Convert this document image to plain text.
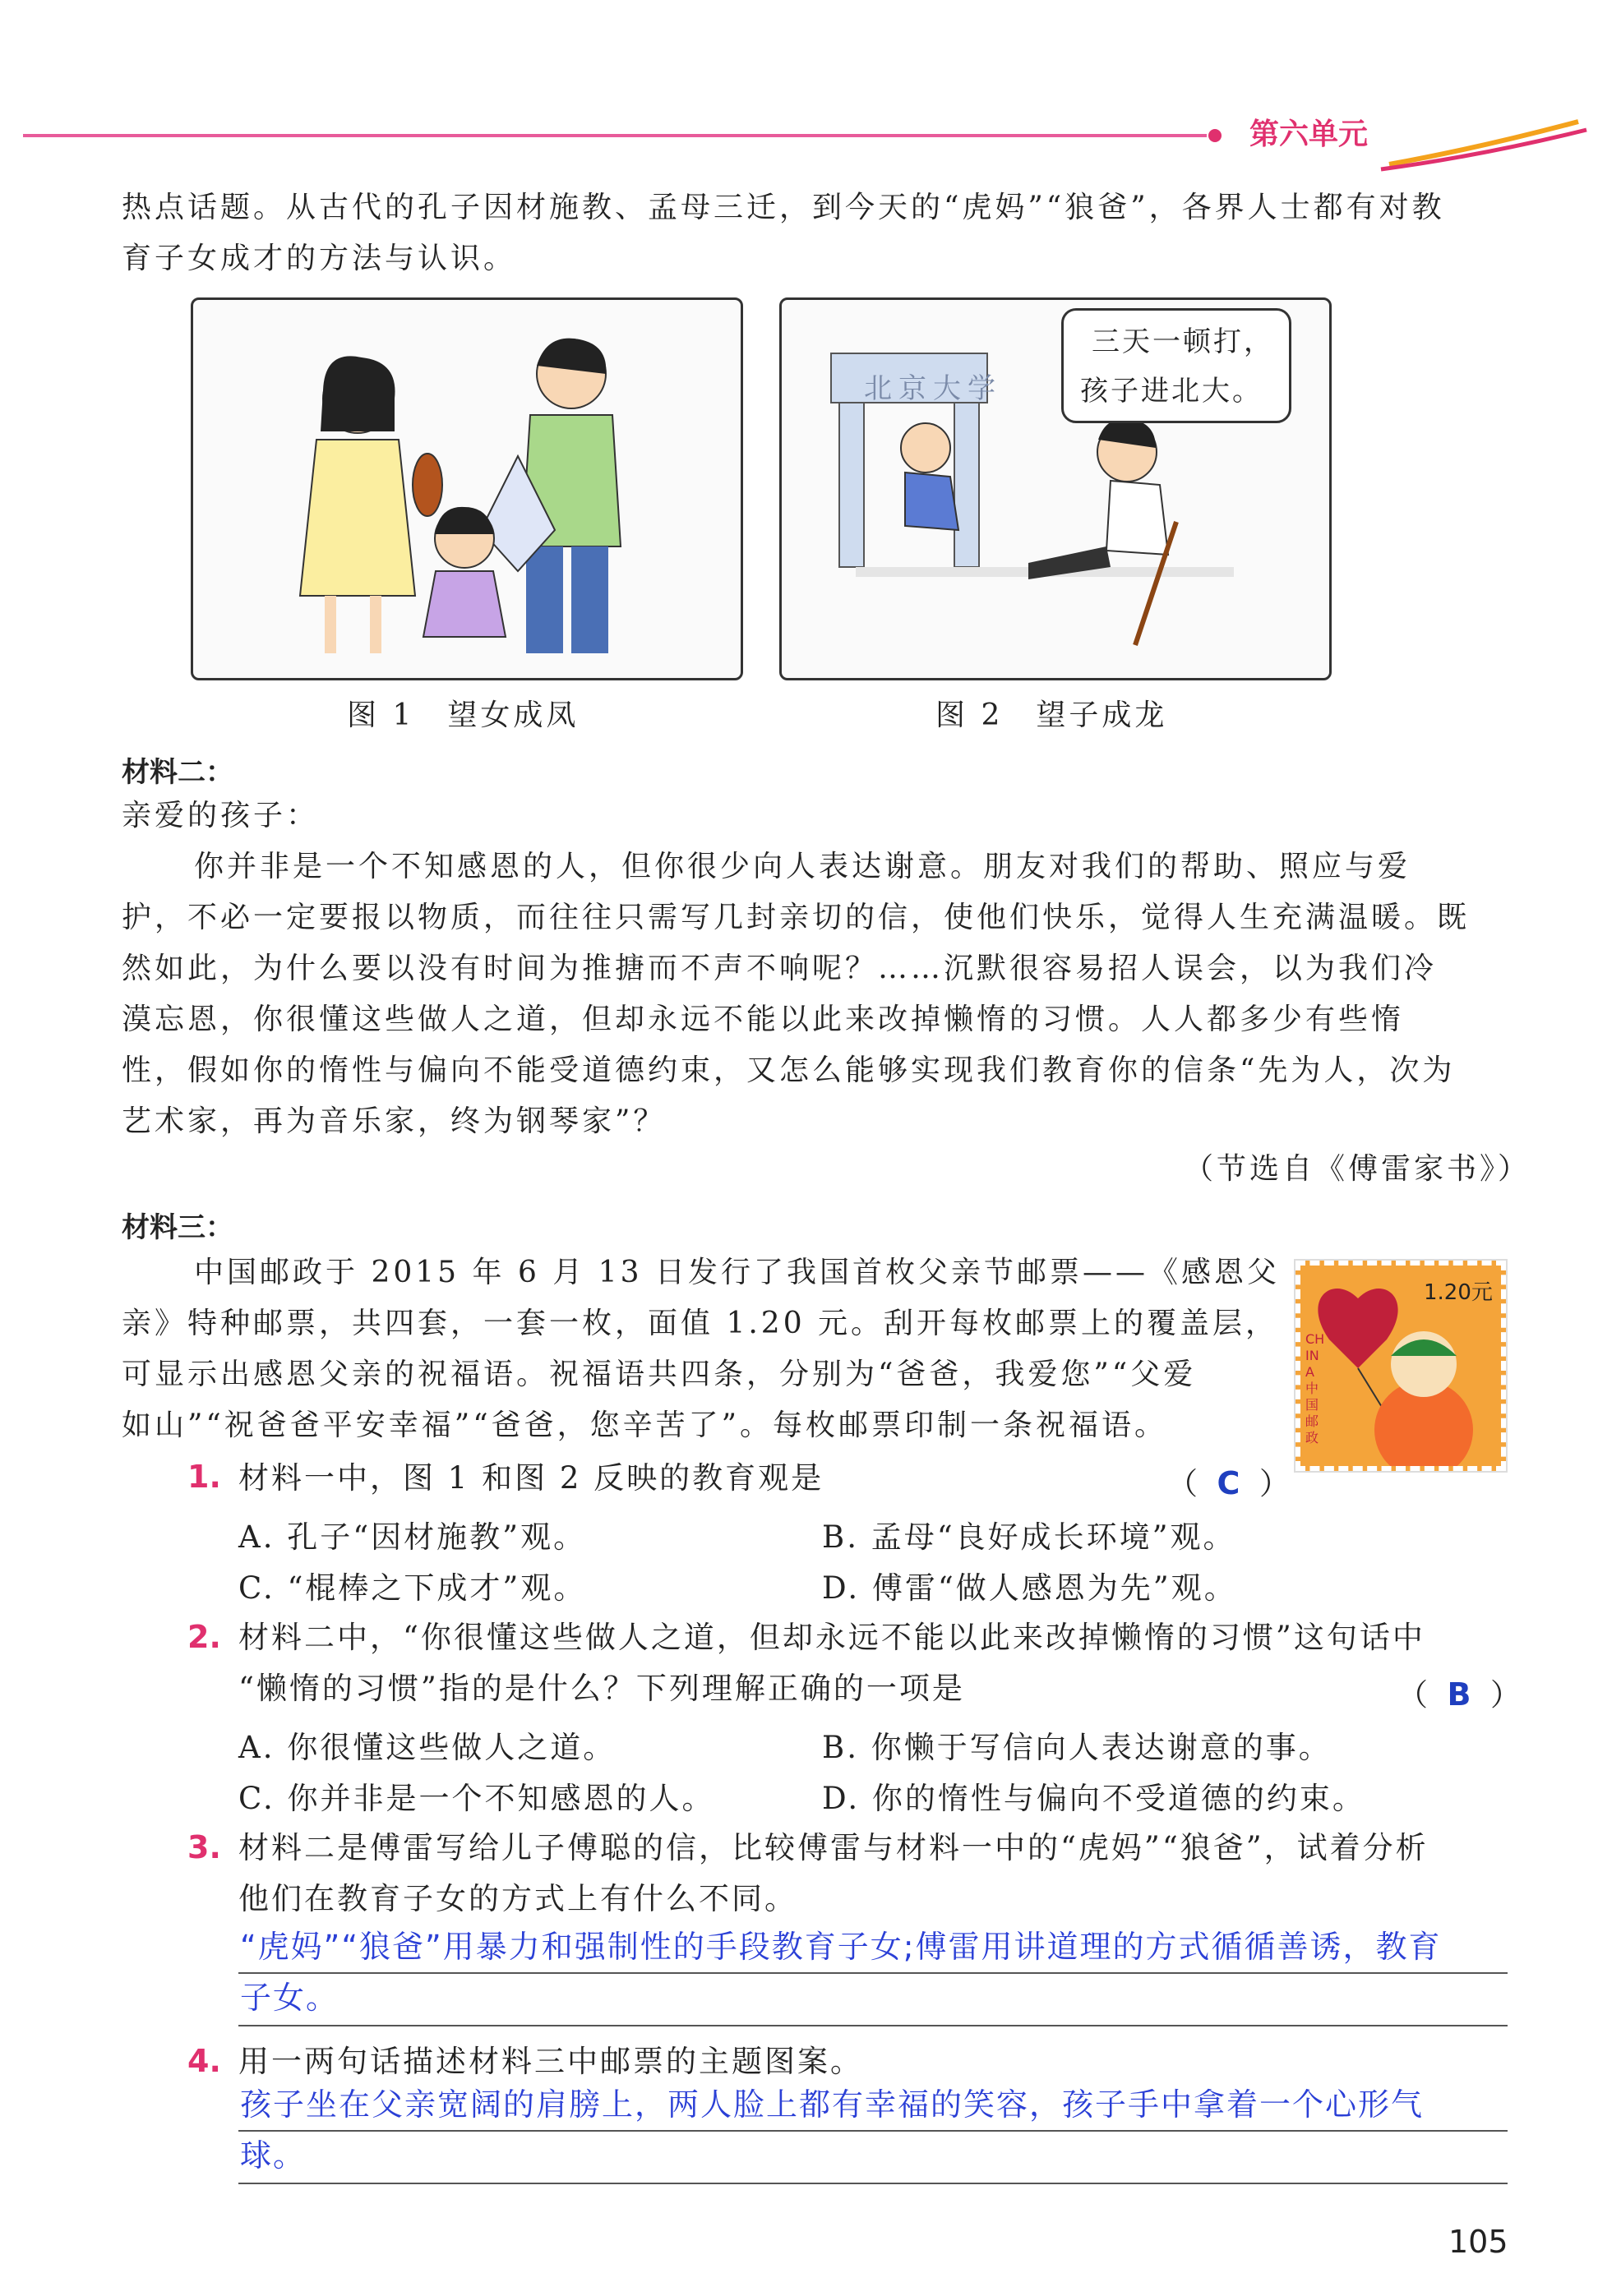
第六单元
热点话题。从古代的孔子因材施教、孟母三迁，到今天的“虎妈”“狼爸”，各界人士都有对教
育子女成才的方法与认识。
图 1　望女成凤
北京大学
三天一顿打，
孩子进北大。
图 2　望子成龙
材料二：
亲爱的孩子：
你并非是一个不知感恩的人，但你很少向人表达谢意。朋友对我们的帮助、照应与爱
护，不必一定要报以物质，而往往只需写几封亲切的信，使他们快乐，觉得人生充满温暖。既
然如此，为什么要以没有时间为推搪而不声不响呢？……沉默很容易招人误会，以为我们冷
漠忘恩，你很懂这些做人之道，但却永远不能以此来改掉懒惰的习惯。人人都多少有些惰
性，假如你的惰性与偏向不能受道德约束，又怎么能够实现我们教育你的信条“先为人，次为
艺术家，再为音乐家，终为钢琴家”？
（节选自《傅雷家书》）
材料三：
中国邮政于 2015 年 6 月 13 日发行了我国首枚父亲节邮票——《感恩父
亲》特种邮票，共四套，一套一枚，面值 1.20 元。刮开每枚邮票上的覆盖层，
可显示出感恩父亲的祝福语。祝福语共四条，分别为“爸爸，我爱您”“父爱
如山”“祝爸爸平安幸福”“爸爸，您辛苦了”。每枚邮票印制一条祝福语。
1.20元
CHINA 中国邮政
1. 材料一中，图 1 和图 2 反映的教育观是	（  C  ）
A. 孔子“因材施教”观。	B. 孟母“良好成长环境”观。
C. “棍棒之下成才”观。	D. 傅雷“做人感恩为先”观。
2. 材料二中，“你很懂这些做人之道，但却永远不能以此来改掉懒惰的习惯”这句话中
“懒惰的习惯”指的是什么？下列理解正确的一项是	（  B  ）
A. 你很懂这些做人之道。	B. 你懒于写信向人表达谢意的事。
C. 你并非是一个不知感恩的人。	D. 你的惰性与偏向不受道德的约束。
3. 材料二是傅雷写给儿子傅聪的信，比较傅雷与材料一中的“虎妈”“狼爸”，试着分析
他们在教育子女的方式上有什么不同。
“虎妈”“狼爸”用暴力和强制性的手段教育子女;傅雷用讲道理的方式循循善诱，教育
子女。
4. 用一两句话描述材料三中邮票的主题图案。
孩子坐在父亲宽阔的肩膀上，两人脸上都有幸福的笑容，孩子手中拿着一个心形气
球。
105
